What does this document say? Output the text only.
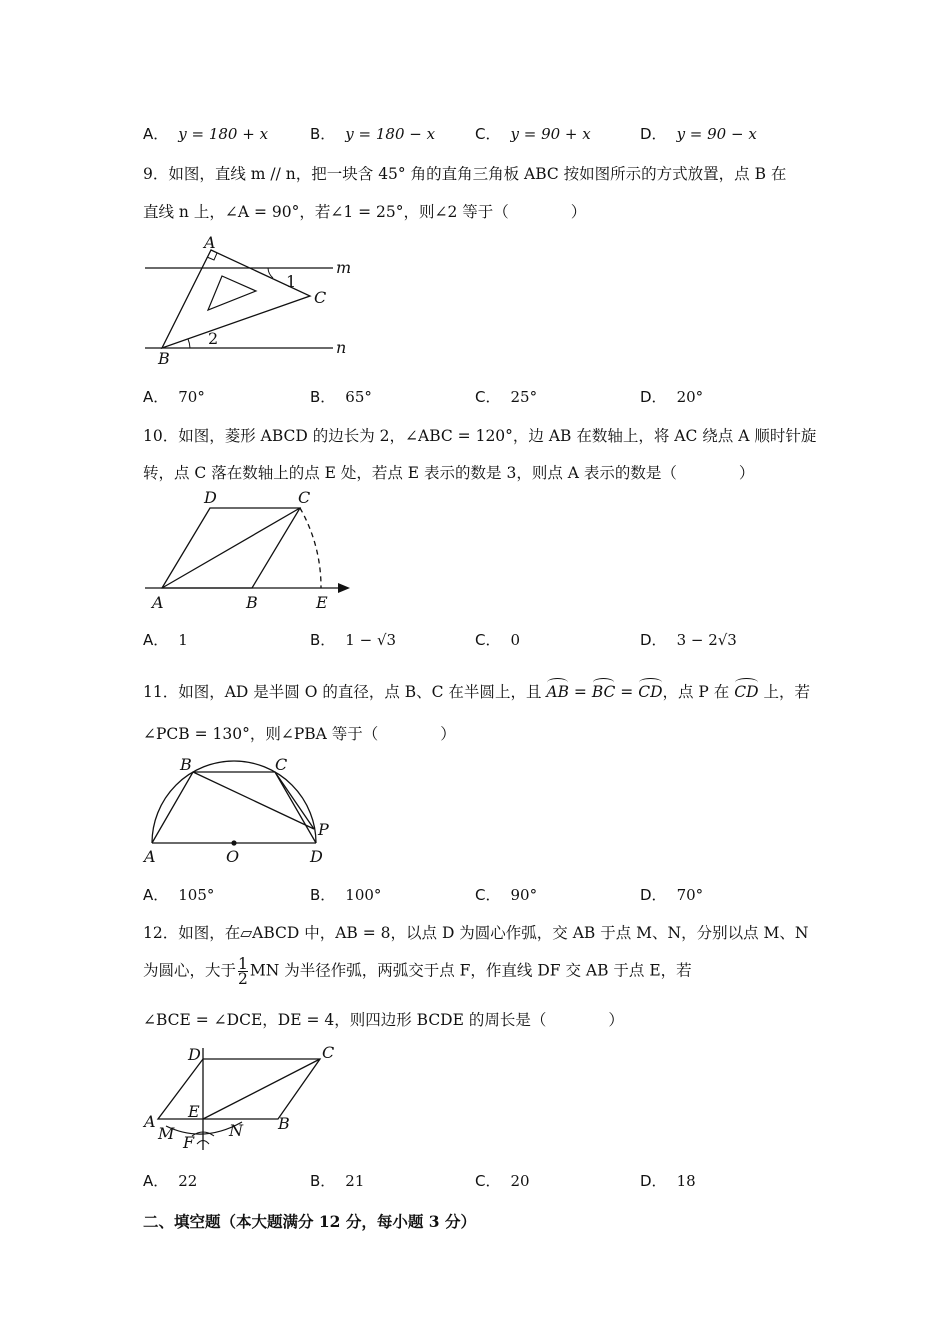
A． y = 180 + x	B． y = 180 − x	C． y = 90 + x	D． y = 90 − x
9．如图，直线 m // n，把一块含 45° 角的直角三角板 ABC 按如图所示的方式放置，点 B 在
直线 n 上，∠A = 90°，若∠1 = 25°，则∠2 等于（　　　　）
A
B
C
m
n
1
2
A． 70°	B． 65°	C． 25°	D． 20°
10．如图，菱形 ABCD 的边长为 2，∠ABC = 120°，边 AB 在数轴上，将 AC 绕点 A 顺时针旋
转，点 C 落在数轴上的点 E 处，若点 E 表示的数是 3，则点 A 表示的数是（　　　　）
A	B	E
D	C
A． 1	B． 1 − √3	C． 0	D． 3 − 2√3
11．如图，AD 是半圆 O 的直径，点 B、C 在半圆上，且 AB = BC = CD，点 P 在 CD 上，若
∠PCB = 130°，则∠PBA 等于（　　　　）
A	O	D
B	C
P
A． 105°	B． 100°	C． 90°	D． 70°
12．如图，在▱ABCD 中，AB = 8，以点 D 为圆心作弧，交 AB 于点 M、N，分别以点 M、N
为圆心，大于 $\frac{1}{2}$ MN 为半径作弧，两弧交于点 F，作直线 DF 交 AB 于点 E，若
∠BCE = ∠DCE，DE = 4，则四边形 BCDE 的周长是（　　　　）
D	C
A
M
E
N B
F
A． 22	B． 21	C． 20	D． 18
二、填空题（本大题满分 12 分，每小题 3 分）
